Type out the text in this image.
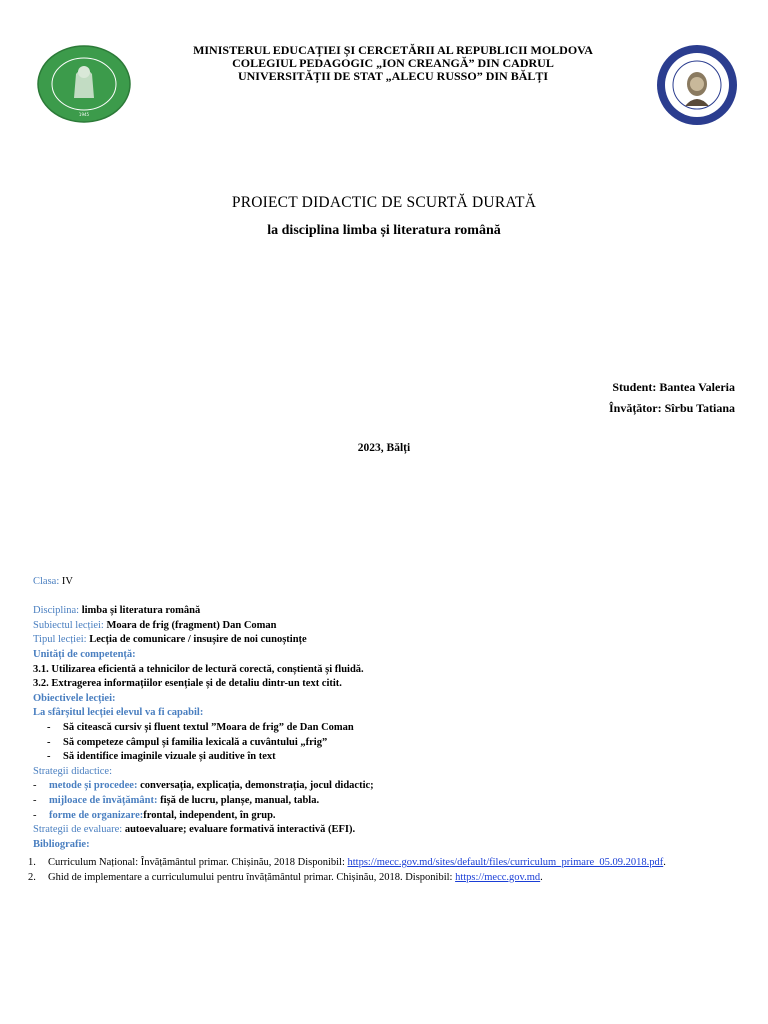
1945
MINISTERUL EDUCAȚIEI ȘI CERCETĂRII AL REPUBLICII MOLDOVA
COLEGIUL PEDAGOGIC „ION CREANGĂ” DIN CADRUL
UNIVERSITĂȚII DE STAT „ALECU RUSSO” DIN BĂLȚI
PROIECT DIDACTIC DE SCURTĂ DURATĂ
la disciplina limba și literatura română
Student: Bantea Valeria
Învățător: Sîrbu Tatiana
2023, Bălți
Clasa: IV
Disciplina: limba și literatura română
Subiectul lecției: Moara de frig (fragment) Dan Coman
Tipul lecției: Lecția de comunicare / insușire de noi cunoștințe
Unități de competență:
3.1. Utilizarea eficientă a tehnicilor de lectură corectă, conștientă și fluidă.
3.2. Extragerea informațiilor esențiale și de detaliu dintr-un text citit.
Obiectivele lecției:
La sfârșitul lecției elevul va fi capabil:
- Să citească cursiv și fluent textul ”Moara de frig” de Dan Coman
- Să competeze câmpul și familia lexicală a cuvântului „frig”
- Să identifice imaginile vizuale și auditive în text
Strategii didactice:
- metode și procedee: conversația, explicația, demonstrația, jocul didactic;
- mijloace de învățământ: fișă de lucru, planșe, manual, tabla.
- forme de organizare:frontal, independent, în grup.
Strategii de evaluare: autoevaluare; evaluare formativă interactivă (EFI).
Bibliografie:
1. Curriculum Național: Învățământul primar. Chișinău, 2018 Disponibil: https://mecc.gov.md/sites/default/files/curriculum_primare_05.09.2018.pdf.
2. Ghid de implementare a curriculumului pentru învățământul primar. Chișinău, 2018. Disponibil: https://mecc.gov.md.
